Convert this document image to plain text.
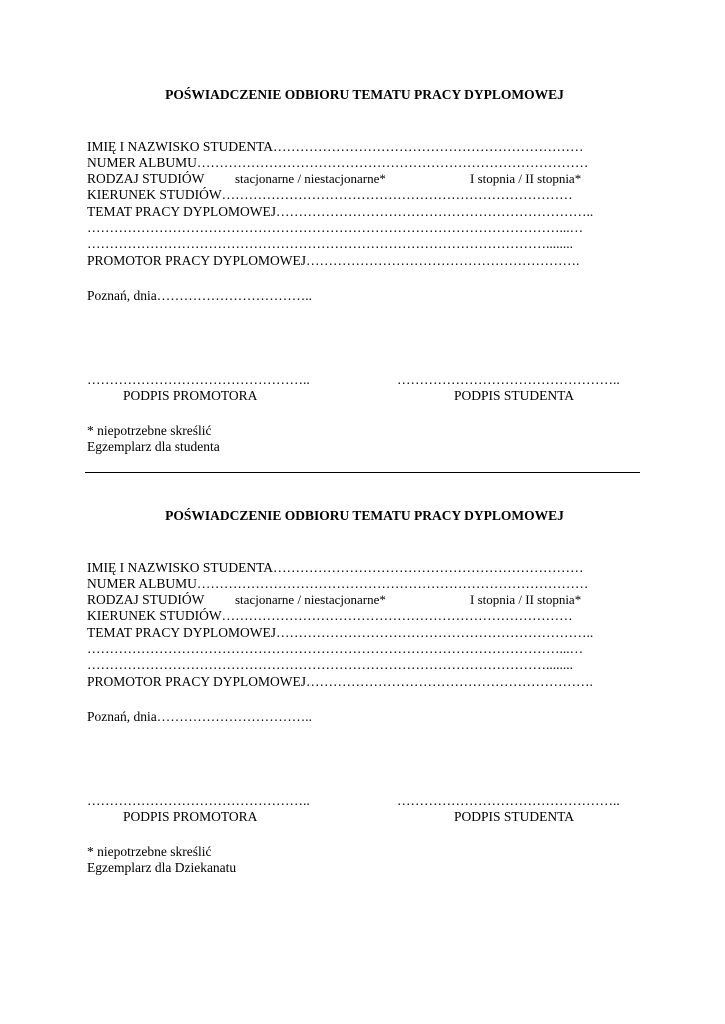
POŚWIADCZENIE ODBIORU TEMATU PRACY DYPLOMOWEJ
IMIĘ I NAZWISKO STUDENTA……………………………………………………………
NUMER ALBUMU……………………………………………………………………………
RODZAJ STUDIÓW stacjonarne / niestacjonarne*	I stopnia / II stopnia*
KIERUNEK STUDIÓW……………………………………………………………………
TEMAT PRACY DYPLOMOWEJ……………………………………………………………..
……………………………………………………………………………………………...…
…………………………………………………………………………………………........
PROMOTOR PRACY DYPLOMOWEJ…………………………………………………….
Poznań, dnia……………………………..
…………………………………………..	…………………………………………..
PODPIS PROMOTORA	PODPIS STUDENTA
* niepotrzebne skreślić
Egzemplarz dla studenta
POŚWIADCZENIE ODBIORU TEMATU PRACY DYPLOMOWEJ
IMIĘ I NAZWISKO STUDENTA……………………………………………………………
NUMER ALBUMU……………………………………………………………………………
RODZAJ STUDIÓW stacjonarne / niestacjonarne*	I stopnia / II stopnia*
KIERUNEK STUDIÓW……………………………………………………………………
TEMAT PRACY DYPLOMOWEJ……………………………………………………………..
……………………………………………………………………………………………...…
…………………………………………………………………………………………........
PROMOTOR PRACY DYPLOMOWEJ……………………………………………………….
Poznań, dnia……………………………..
…………………………………………..	…………………………………………..
PODPIS PROMOTORA	PODPIS STUDENTA
* niepotrzebne skreślić
Egzemplarz dla Dziekanatu
